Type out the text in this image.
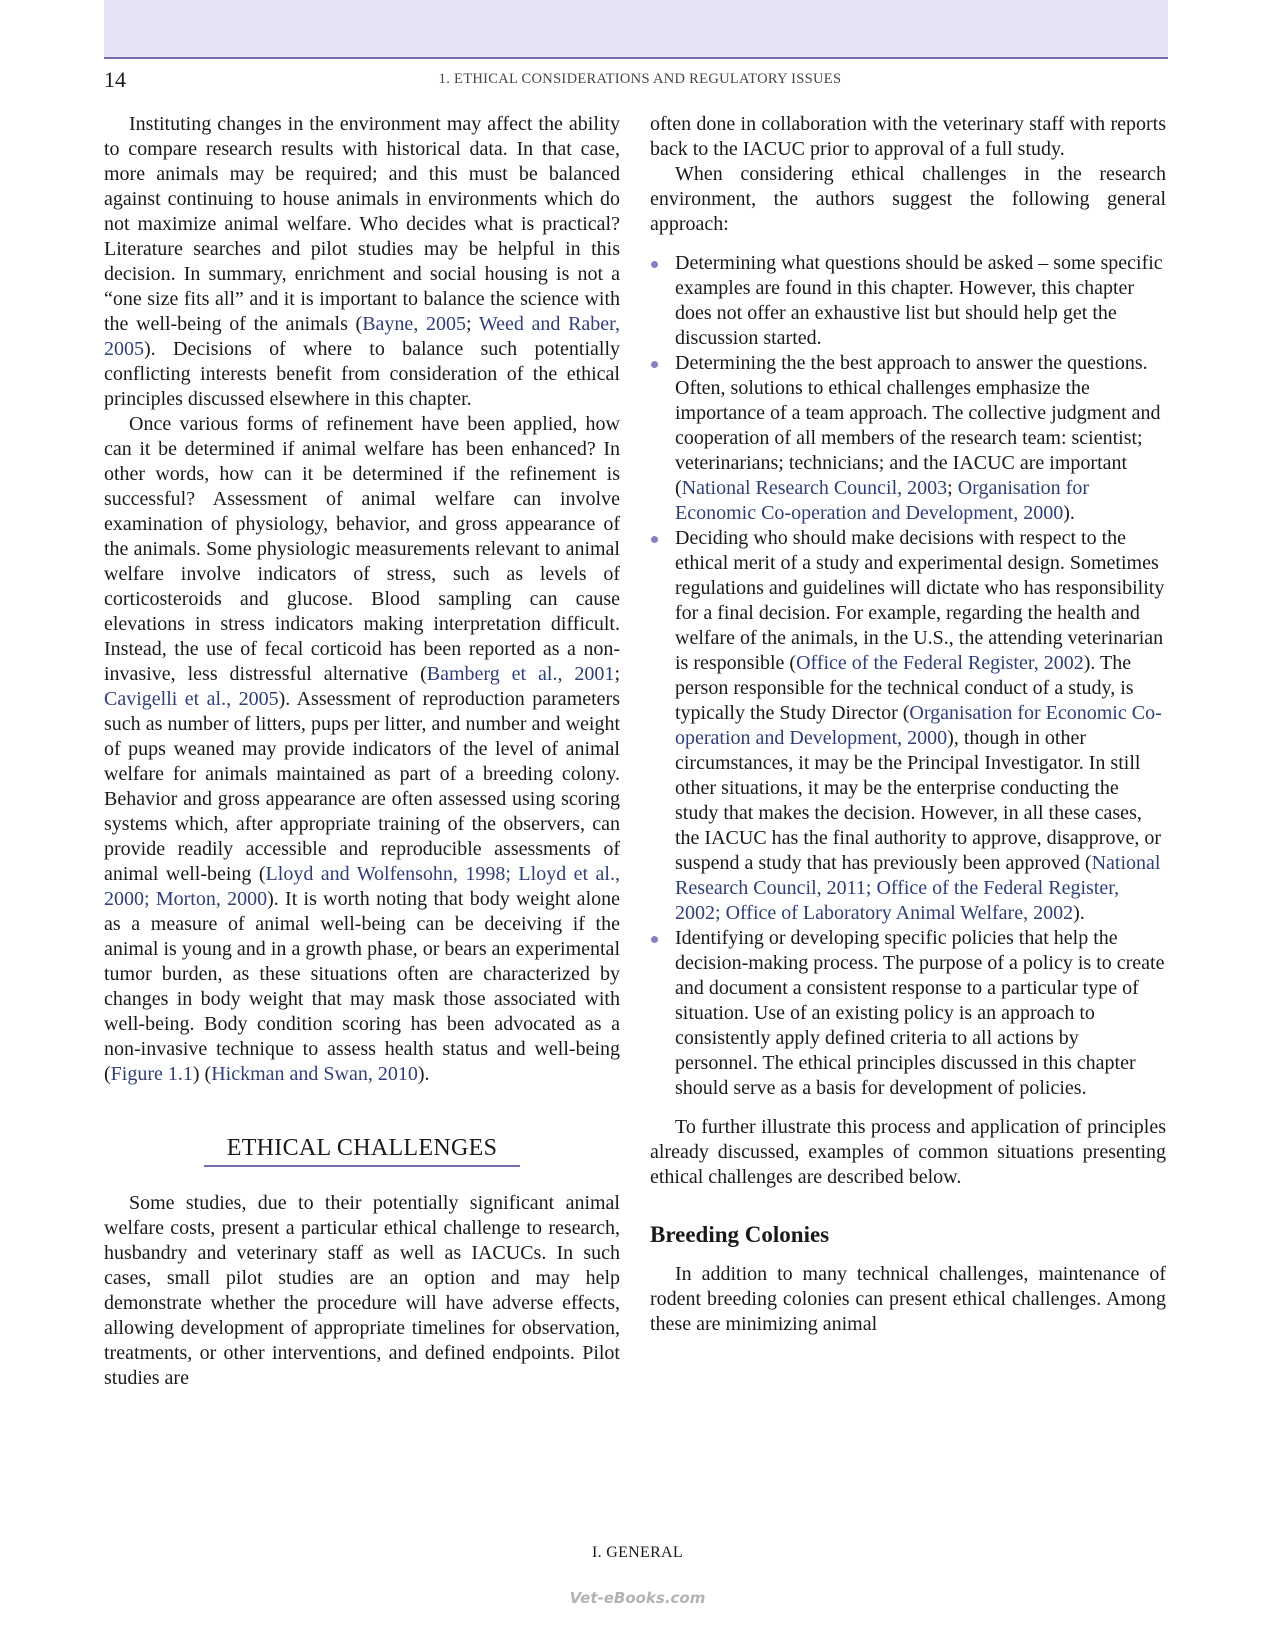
14	1. ETHICAL CONSIDERATIONS AND REGULATORY ISSUES

Instituting changes in the environment may affect the ability to compare research results with historical data. In that case, more animals may be required; and this must be balanced against continuing to house animals in environments which do not maximize animal welfare. Who decides what is practical? Literature searches and pilot studies may be helpful in this decision. In summary, enrichment and social housing is not a “one size fits all” and it is important to balance the science with the well-being of the animals (Bayne, 2005; Weed and Raber, 2005). Decisions of where to balance such potentially conflicting interests benefit from consideration of the ethical principles discussed elsewhere in this chapter.

Once various forms of refinement have been applied, how can it be determined if animal welfare has been enhanced? In other words, how can it be determined if the refinement is successful? Assessment of animal welfare can involve examination of physiology, behavior, and gross appearance of the animals. Some physiologic measurements relevant to animal welfare involve indicators of stress, such as levels of corticosteroids and glucose. Blood sampling can cause elevations in stress indicators making interpretation difficult. Instead, the use of fecal corticoid has been reported as a non-invasive, less distressful alternative (Bamberg et al., 2001; Cavigelli et al., 2005). Assessment of reproduction parameters such as number of litters, pups per litter, and number and weight of pups weaned may provide indicators of the level of animal welfare for animals maintained as part of a breeding colony. Behavior and gross appearance are often assessed using scoring systems which, after appropriate training of the observers, can provide readily accessible and reproducible assessments of animal well-being (Lloyd and Wolfensohn, 1998; Lloyd et al., 2000; Morton, 2000). It is worth noting that body weight alone as a measure of animal well-being can be deceiving if the animal is young and in a growth phase, or bears an experimental tumor burden, as these situations often are characterized by changes in body weight that may mask those associated with well-being. Body condition scoring has been advocated as a non-invasive technique to assess health status and well-being (Figure 1.1) (Hickman and Swan, 2010).

ETHICAL CHALLENGES

Some studies, due to their potentially significant animal welfare costs, present a particular ethical challenge to research, husbandry and veterinary staff as well as IACUCs. In such cases, small pilot studies are an option and may help demonstrate whether the procedure will have adverse effects, allowing development of appropriate timelines for observation, treatments, or other interventions, and defined endpoints. Pilot studies are

often done in collaboration with the veterinary staff with reports back to the IACUC prior to approval of a full study.

When considering ethical challenges in the research environment, the authors suggest the following general approach:

Determining what questions should be asked – some specific examples are found in this chapter. However, this chapter does not offer an exhaustive list but should help get the discussion started.
Determining the the best approach to answer the questions. Often, solutions to ethical challenges emphasize the importance of a team approach. The collective judgment and cooperation of all members of the research team: scientist; veterinarians; technicians; and the IACUC are important (National Research Council, 2003; Organisation for Economic Co-operation and Development, 2000).
Deciding who should make decisions with respect to the ethical merit of a study and experimental design. Sometimes regulations and guidelines will dictate who has responsibility for a final decision. For example, regarding the health and welfare of the animals, in the U.S., the attending veterinarian is responsible (Office of the Federal Register, 2002). The person responsible for the technical conduct of a study, is typically the Study Director (Organisation for Economic Co-operation and Development, 2000), though in other circumstances, it may be the Principal Investigator. In still other situations, it may be the enterprise conducting the study that makes the decision. However, in all these cases, the IACUC has the final authority to approve, disapprove, or suspend a study that has previously been approved (National Research Council, 2011; Office of the Federal Register, 2002; Office of Laboratory Animal Welfare, 2002).
Identifying or developing specific policies that help the decision-making process. The purpose of a policy is to create and document a consistent response to a particular type of situation. Use of an existing policy is an approach to consistently apply defined criteria to all actions by personnel. The ethical principles discussed in this chapter should serve as a basis for development of policies.

To further illustrate this process and application of principles already discussed, examples of common situations presenting ethical challenges are described below.

Breeding Colonies

In addition to many technical challenges, maintenance of rodent breeding colonies can present ethical challenges. Among these are minimizing animal

I. GENERAL
Vet-eBooks.com
